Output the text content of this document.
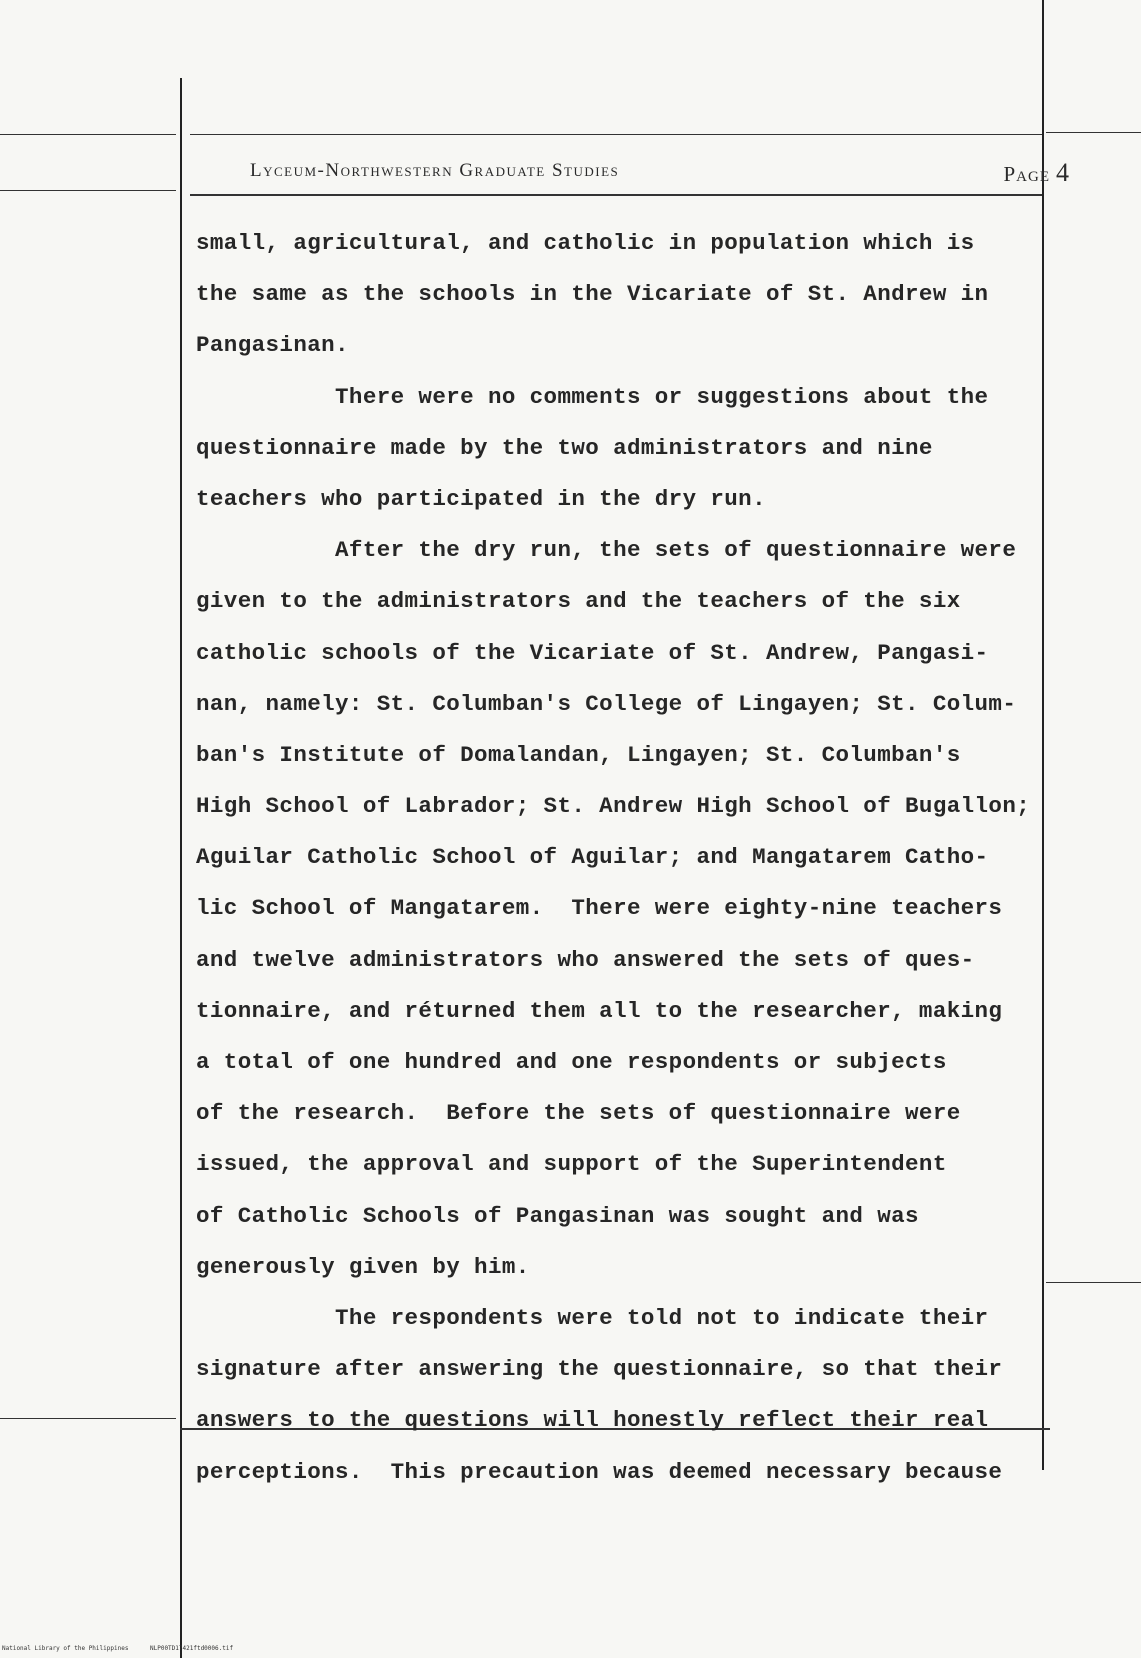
Lyceum-Northwestern Graduate Studies	Page 4
small, agricultural, and catholic in population which is
the same as the schools in the Vicariate of St. Andrew in
Pangasinan.
There were no comments or suggestions about the
questionnaire made by the two administrators and nine
teachers who participated in the dry run.
After the dry run, the sets of questionnaire were
given to the administrators and the teachers of the six
catholic schools of the Vicariate of St. Andrew, Pangasi-
nan, namely: St. Columban's College of Lingayen; St. Colum-
ban's Institute of Domalandan, Lingayen; St. Columban's
High School of Labrador; St. Andrew High School of Bugallon;
Aguilar Catholic School of Aguilar; and Mangatarem Catho-
lic School of Mangatarem.  There were eighty-nine teachers
and twelve administrators who answered the sets of ques-
tionnaire, and réturned them all to the researcher, making
a total of one hundred and one respondents or subjects
of the research.  Before the sets of questionnaire were
issued, the approval and support of the Superintendent
of Catholic Schools of Pangasinan was sought and was
generously given by him.
The respondents were told not to indicate their
signature after answering the questionnaire, so that their
answers to the questions will honestly reflect their real
perceptions.  This precaution was deemed necessary because
National Library of the Philippines	NLP00TD17421ftd0006.tif
